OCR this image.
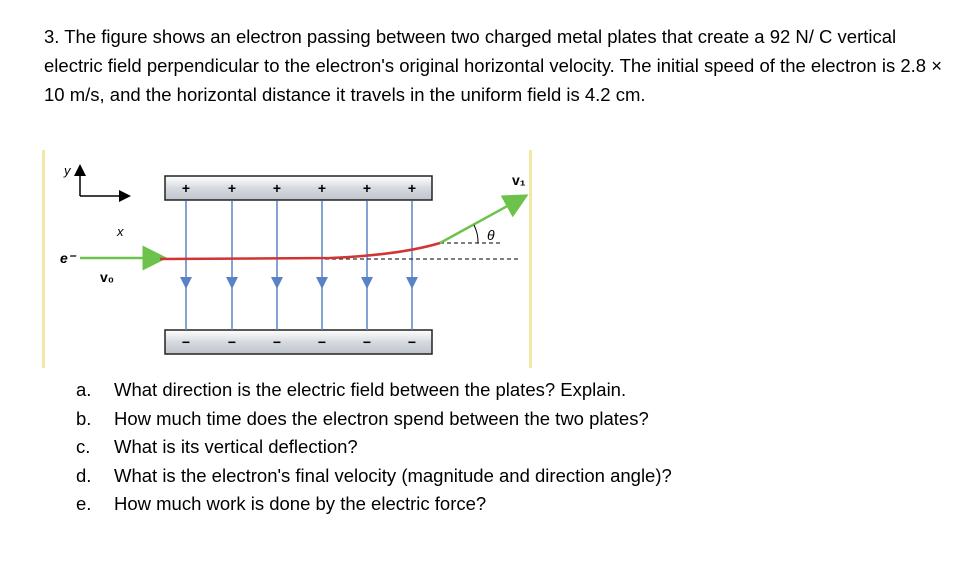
3. The figure shows an electron passing between two charged metal plates that create a 92 N/ C vertical electric field perpendicular to the electron's original horizontal velocity. The initial speed of the electron is 2.8 × 10 m/s, and the horizontal distance it travels in the uniform field is 4.2 cm.

y
x
+	+	+	+	+	+
−	−	−	−	−	−
e⁻
v₀
v₁
θ
a.	What direction is the electric field between the plates? Explain.
b.	How much time does the electron spend between the two plates?
c.	What is its vertical deflection?
d.	What is the electron's final velocity (magnitude and direction angle)?
e.	How much work is done by the electric force?
